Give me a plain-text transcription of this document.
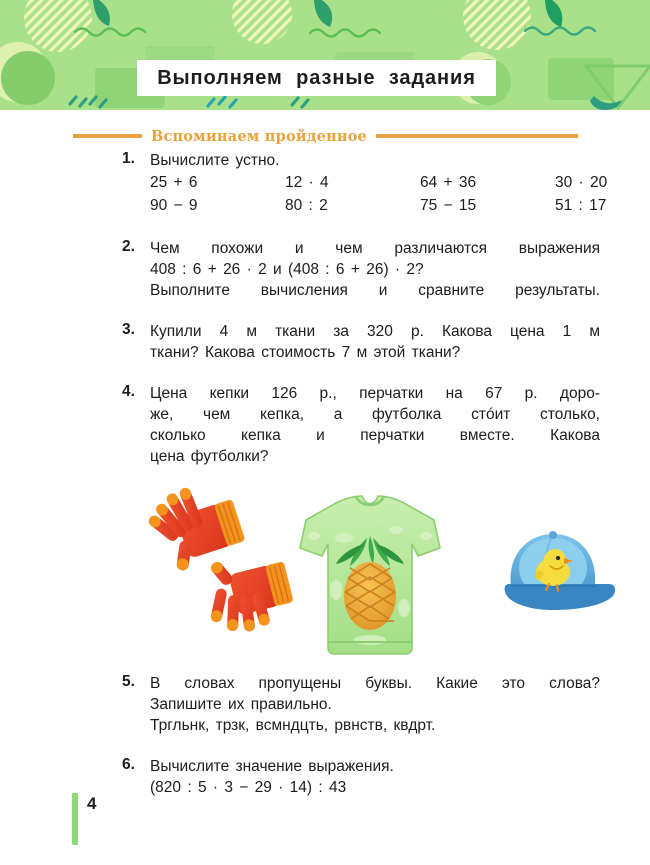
Выполняем разные задания
Вспоминаем пройденное
1. Вычислите устно.
25 + 6	12 · 4	64 + 36	30 · 20
90 − 9	80 : 2	75 − 15	51 : 17
2. Чем похожи и чем различаются выражения
408 : 6 + 26 · 2 и (408 : 6 + 26) · 2?
Выполните вычисления и сравните результаты.
3. Купили 4 м ткани за 320 р. Какова цена 1 м
ткани? Какова стоимость 7 м этой ткани?
4. Цена кепки 126 р., перчатки на 67 р. доро-
же, чем кепка, а футболка стóит столько,
сколько кепка и перчатки вместе. Какова
цена футболки?
5. В словах пропущены буквы. Какие это слова?
Запишите их правильно.
Тргльнк, трзк, всмндцть, рвнств, квдрт.
6. Вычислите значение выражения.
(820 : 5 · 3 − 29 · 14) : 43
4
